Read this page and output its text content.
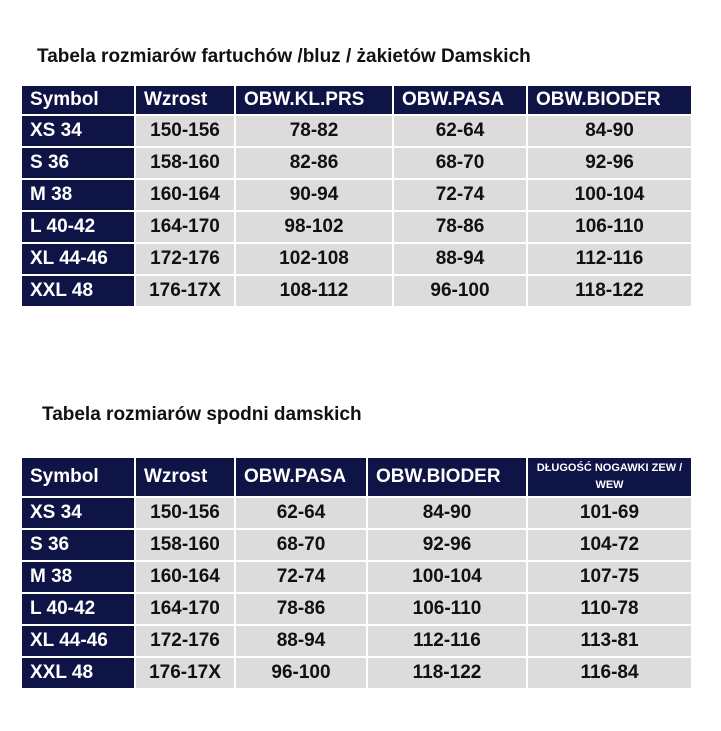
Tabela rozmiarów fartuchów /bluz / żakietów Damskich
Symbol	Wzrost	OBW.KL.PRS	OBW.PASA	OBW.BIODER
XS 34	150-156	78-82	62-64	84-90
S 36	158-160	82-86	68-70	92-96
M 38	160-164	90-94	72-74	100-104
L 40-42	164-170	98-102	78-86	106-110
XL 44-46	172-176	102-108	88-94	112-116
XXL 48	176-17X	108-112	96-100	118-122
Tabela rozmiarów spodni damskich
Symbol	Wzrost	OBW.PASA	OBW.BIODER	DŁUGOŚĆ NOGAWKI ZEW / WEW
XS 34	150-156	62-64	84-90	101-69
S 36	158-160	68-70	92-96	104-72
M 38	160-164	72-74	100-104	107-75
L 40-42	164-170	78-86	106-110	110-78
XL 44-46	172-176	88-94	112-116	113-81
XXL 48	176-17X	96-100	118-122	116-84
